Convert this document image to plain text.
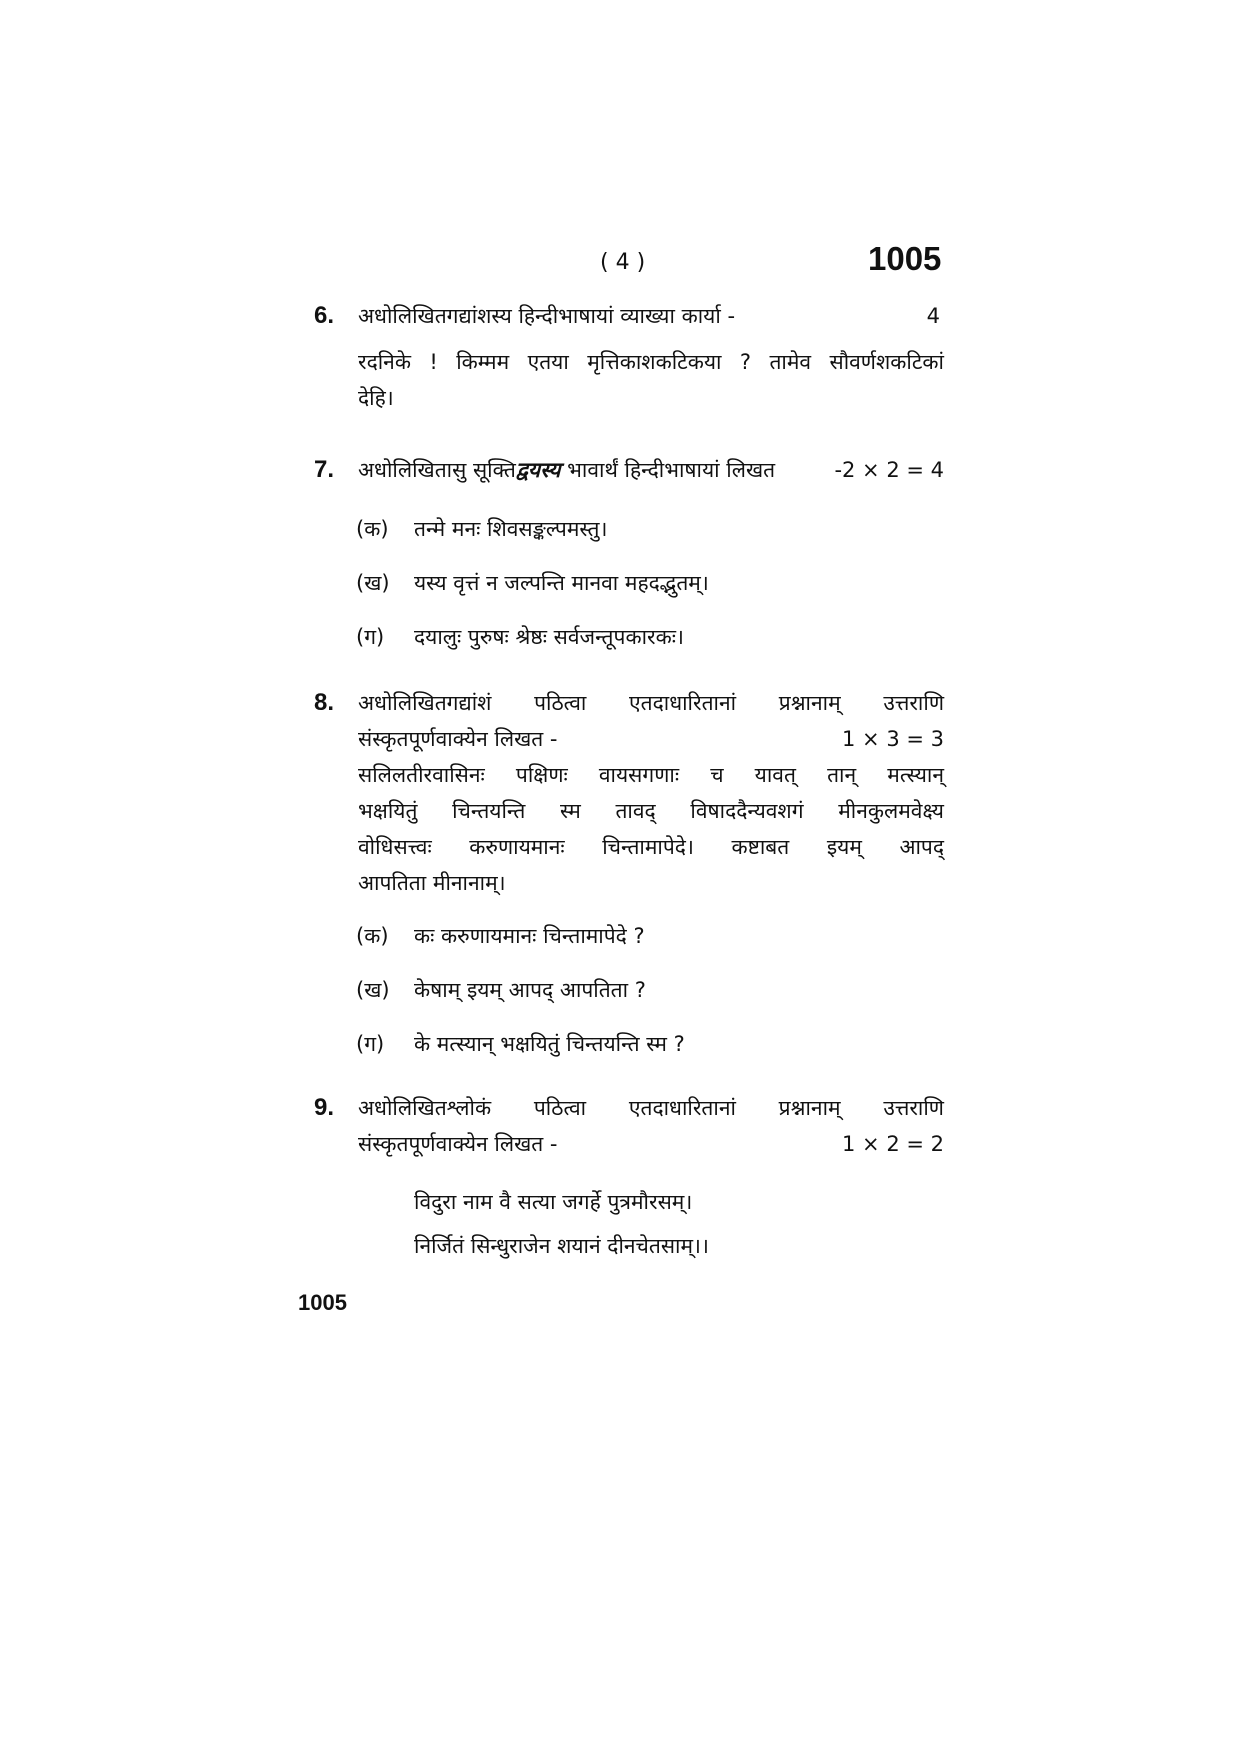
( 4 )	1005
6. अधोलिखितगद्यांशस्य हिन्दीभाषायां व्याख्या कार्या -	4

रदनिके ! किम्मम एतया मृत्तिकाशकटिकया ? तामेव सौवर्णशकटिकां

देहि।

7. अधोलिखितासु सूक्तिद्वयस्य भावार्थं हिन्दीभाषायां लिखत	-2 × 2 = 4
(क)	तन्मे मनः शिवसङ्कल्पमस्तु।
(ख)	यस्य वृत्तं न जल्पन्ति मानवा महदद्भुतम्।
(ग)	दयालुः पुरुषः श्रेष्ठः सर्वजन्तूपकारकः।
8. अधोलिखितगद्यांशं पठित्वा एतदाधारितानां प्रश्नानाम् उत्तराणि

संस्कृतपूर्णवाक्येन लिखत -	1 × 3 = 3

सलिलतीरवासिनः पक्षिणः वायसगणाः च यावत् तान् मत्स्यान्

भक्षयितुं चिन्तयन्ति स्म तावद् विषाददैन्यवशगं मीनकुलमवेक्ष्य

वोधिसत्त्वः करुणायमानः चिन्तामापेदे। कष्टाबत इयम् आपद्

आपतिता मीनानाम्।

(क)	कः करुणायमानः चिन्तामापेदे ?
(ख)	केषाम् इयम् आपद् आपतिता ?
(ग)	के मत्स्यान् भक्षयितुं चिन्तयन्ति स्म ?
9. अधोलिखितश्लोकं पठित्वा एतदाधारितानां प्रश्नानाम् उत्तराणि

संस्कृतपूर्णवाक्येन लिखत -	1 × 2 = 2

विदुरा नाम वै सत्या जगर्हे पुत्रमौरसम्।

निर्जितं सिन्धुराजेन शयानं दीनचेतसाम्।।

1005
